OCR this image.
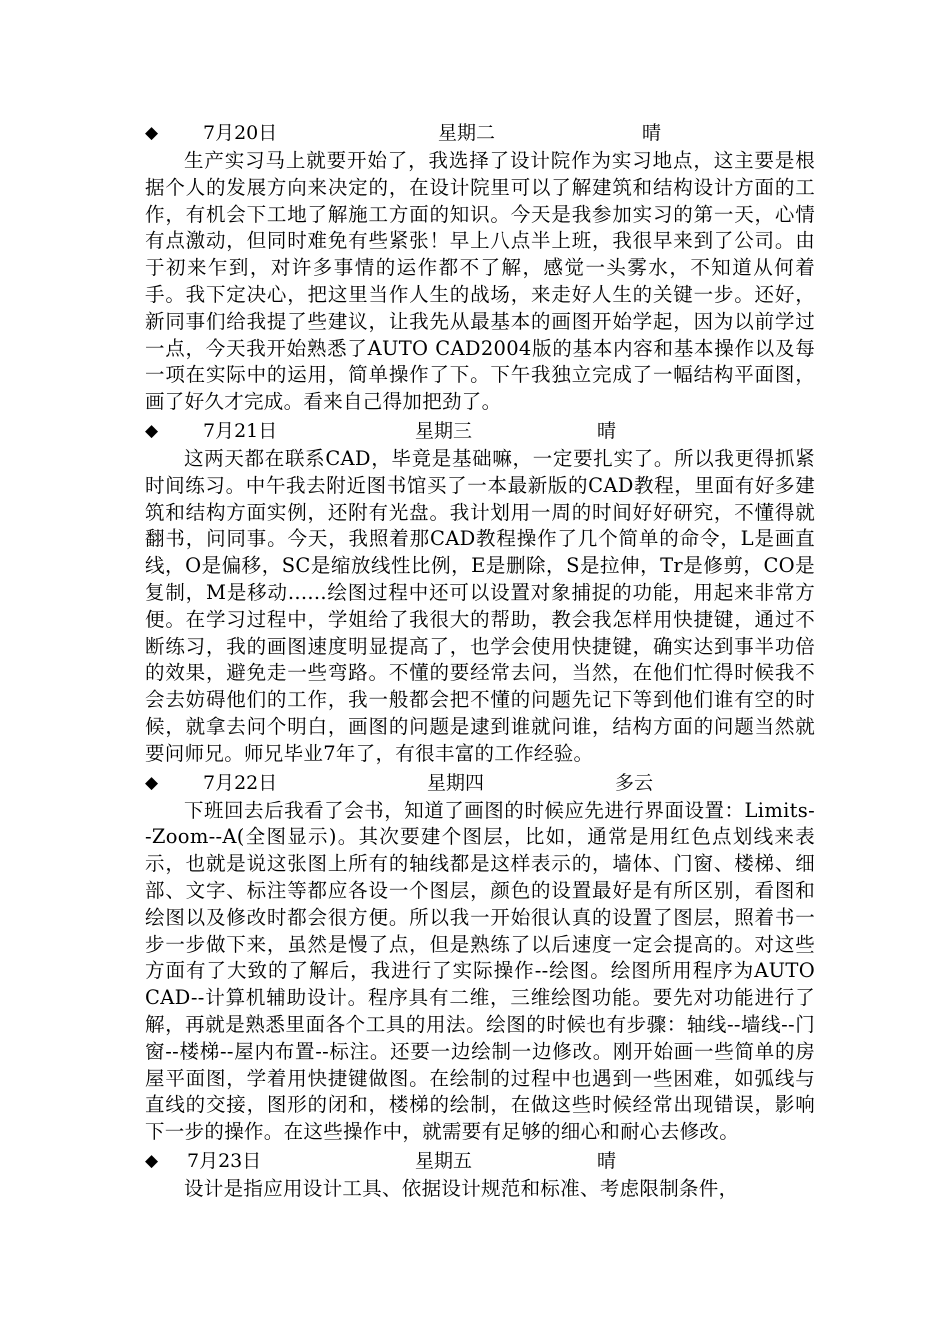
◆ 7月20日	星期二	晴

生产实习马上就要开始了，我选择了设计院作为实习地点，这主要是根据个人的发展方向来决定的，在设计院里可以了解建筑和结构设计方面的工作，有机会下工地了解施工方面的知识。今天是我参加实习的第一天，心情有点激动，但同时难免有些紧张！早上八点半上班，我很早来到了公司。由于初来乍到，对许多事情的运作都不了解，感觉一头雾水，不知道从何着手。我下定决心，把这里当作人生的战场，来走好人生的关键一步。还好，新同事们给我提了些建议，让我先从最基本的画图开始学起，因为以前学过一点，今天我开始熟悉了AUTO CAD2004版的基本内容和基本操作以及每一项在实际中的运用，简单操作了下。下午我独立完成了一幅结构平面图，画了好久才完成。看来自己得加把劲了。

◆ 7月21日	星期三	晴

这两天都在联系CAD，毕竟是基础嘛，一定要扎实了。所以我更得抓紧时间练习。中午我去附近图书馆买了一本最新版的CAD教程，里面有好多建筑和结构方面实例，还附有光盘。我计划用一周的时间好好研究，不懂得就翻书，问同事。今天，我照着那CAD教程操作了几个简单的命令，L是画直线，O是偏移，SC是缩放线性比例，E是删除，S是拉伸，Tr是修剪，CO是复制，M是移动......绘图过程中还可以设置对象捕捉的功能，用起来非常方便。在学习过程中，学姐给了我很大的帮助，教会我怎样用快捷键，通过不断练习，我的画图速度明显提高了，也学会使用快捷键，确实达到事半功倍的效果，避免走一些弯路。不懂的要经常去问，当然，在他们忙得时候我不会去妨碍他们的工作，我一般都会把不懂的问题先记下等到他们谁有空的时候，就拿去问个明白，画图的问题是逮到谁就问谁，结构方面的问题当然就要问师兄。师兄毕业7年了，有很丰富的工作经验。

◆ 7月22日	星期四	多云

下班回去后我看了会书，知道了画图的时候应先进行界面设置：Limits--Zoom--A(全图显示)。其次要建个图层，比如，通常是用红色点划线来表示，也就是说这张图上所有的轴线都是这样表示的，墙体、门窗、楼梯、细部、文字、标注等都应各设一个图层，颜色的设置最好是有所区别，看图和绘图以及修改时都会很方便。所以我一开始很认真的设置了图层，照着书一步一步做下来，虽然是慢了点，但是熟练了以后速度一定会提高的。对这些方面有了大致的了解后，我进行了实际操作--绘图。绘图所用程序为AUTO CAD--计算机辅助设计。程序具有二维，三维绘图功能。要先对功能进行了解，再就是熟悉里面各个工具的用法。绘图的时候也有步骤：轴线--墙线--门窗--楼梯--屋内布置--标注。还要一边绘制一边修改。刚开始画一些简单的房屋平面图，学着用快捷键做图。在绘制的过程中也遇到一些困难，如弧线与直线的交接，图形的闭和，楼梯的绘制，在做这些时候经常出现错误，影响下一步的操作。在这些操作中，就需要有足够的细心和耐心去修改。

◆ 7月23日	星期五	晴

设计是指应用设计工具、依据设计规范和标准、考虑限制条件，
